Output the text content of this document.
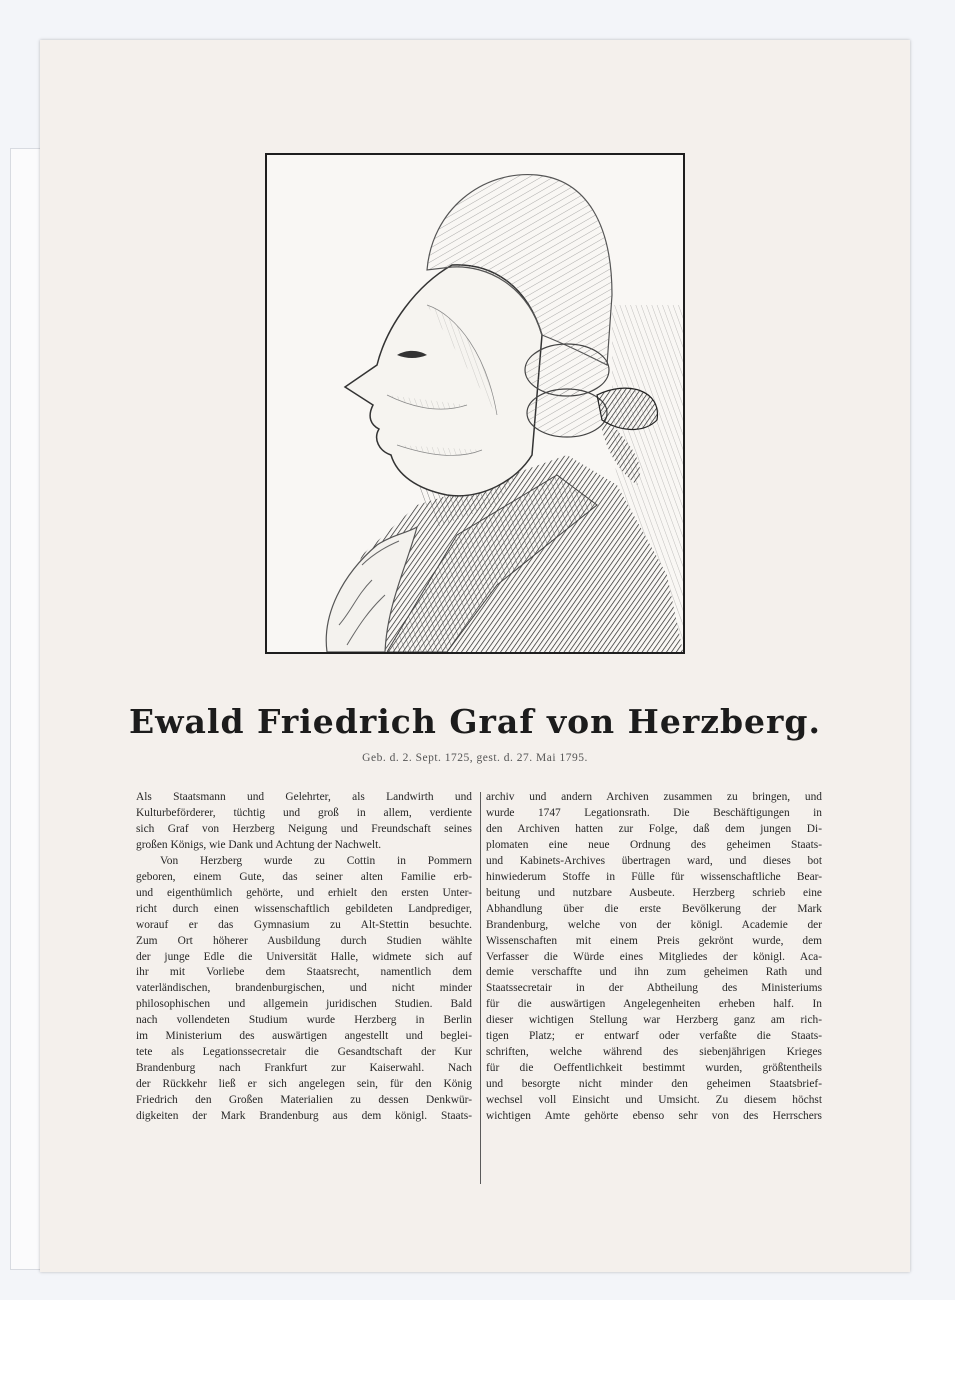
Ewald Friedrich Graf von Herzberg.
Geb. d. 2. Sept. 1725, gest. d. 27. Mai 1795.
Als Staatsmann und Gelehrter, als Landwirth und
Kulturbeförderer, tüchtig und groß in allem, verdiente
sich Graf von Herzberg Neigung und Freundschaft seines
großen Königs, wie Dank und Achtung der Nachwelt.
Von Herzberg wurde zu Cottin in Pommern
geboren, einem Gute, das seiner alten Familie erb-
und eigenthümlich gehörte, und erhielt den ersten Unter-
richt durch einen wissenschaftlich gebildeten Landprediger,
worauf er das Gymnasium zu Alt-Stettin besuchte.
Zum Ort höherer Ausbildung durch Studien wählte
der junge Edle die Universität Halle, widmete sich auf
ihr mit Vorliebe dem Staatsrecht, namentlich dem
vaterländischen, brandenburgischen, und nicht minder
philosophischen und allgemein juridischen Studien. Bald
nach vollendeten Studium wurde Herzberg in Berlin
im Ministerium des auswärtigen angestellt und beglei-
tete als Legationssecretair die Gesandtschaft der Kur
Brandenburg nach Frankfurt zur Kaiserwahl. Nach
der Rückkehr ließ er sich angelegen sein, für den König
Friedrich den Großen Materialien zu dessen Denkwür-
digkeiten der Mark Brandenburg aus dem königl. Staats-
archiv und andern Archiven zusammen zu bringen, und
wurde 1747 Legationsrath. Die Beschäftigungen in
den Archiven hatten zur Folge, daß dem jungen Di-
plomaten eine neue Ordnung des geheimen Staats-
und Kabinets-Archives übertragen ward, und dieses bot
hinwiederum Stoffe in Fülle für wissenschaftliche Bear-
beitung und nutzbare Ausbeute. Herzberg schrieb eine
Abhandlung über die erste Bevölkerung der Mark
Brandenburg, welche von der königl. Academie der
Wissenschaften mit einem Preis gekrönt wurde, dem
Verfasser die Würde eines Mitgliedes der königl. Aca-
demie verschaffte und ihn zum geheimen Rath und
Staatssecretair in der Abtheilung des Ministeriums
für die auswärtigen Angelegenheiten erheben half. In
dieser wichtigen Stellung war Herzberg ganz am rich-
tigen Platz; er entwarf oder verfaßte die Staats-
schriften, welche während des siebenjährigen Krieges
für die Oeffentlichkeit bestimmt wurden, größtentheils
und besorgte nicht minder den geheimen Staatsbrief-
wechsel voll Einsicht und Umsicht. Zu diesem höchst
wichtigen Amte gehörte ebenso sehr von des Herrschers
